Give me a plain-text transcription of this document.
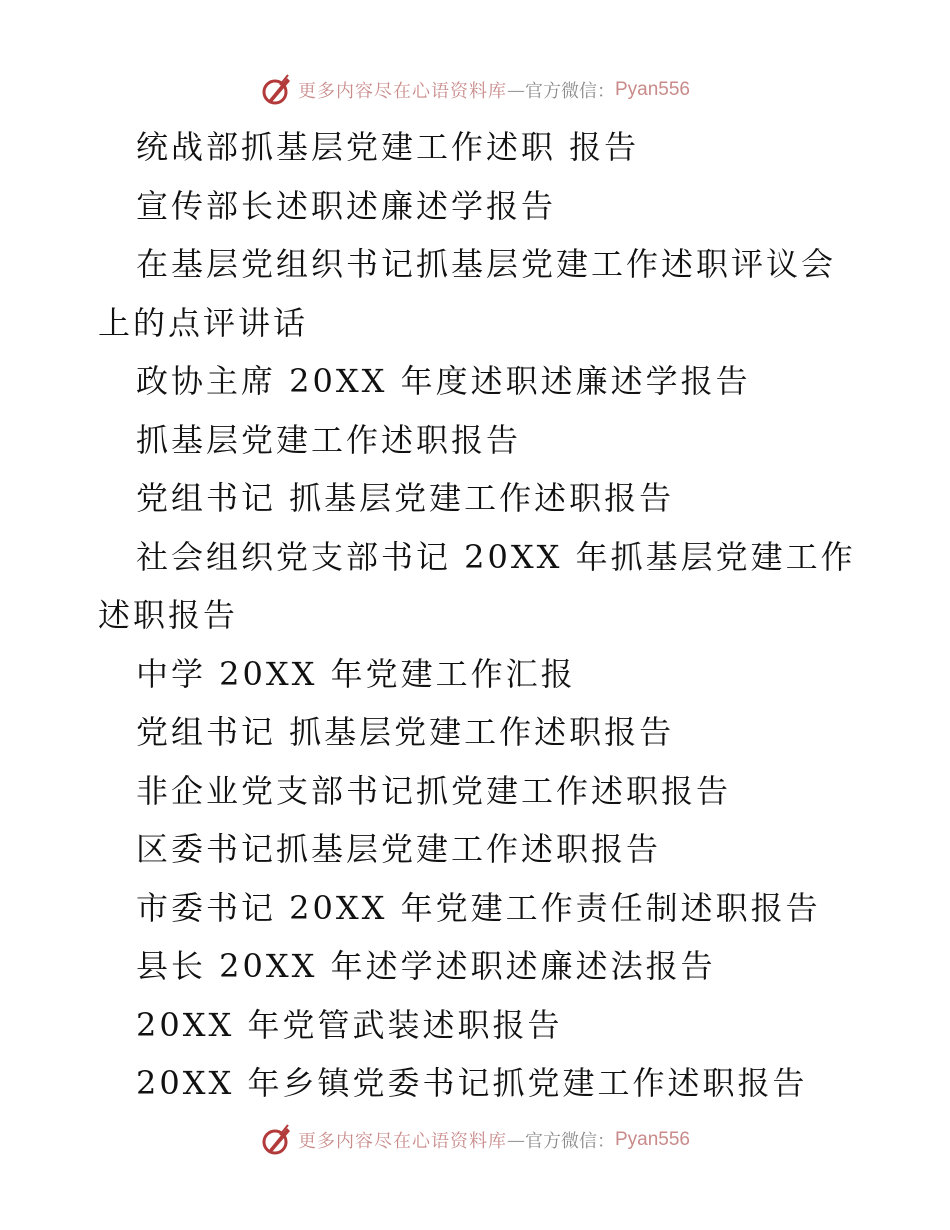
更多内容尽在心语资料库 — 官方微信： Pyan556

统战部抓基层党建工作述职 报告

宣传部长述职述廉述学报告

在基层党组织书记抓基层党建工作述职评议会上的点评讲话

政协主席 20XX 年度述职述廉述学报告

抓基层党建工作述职报告

党组书记 抓基层党建工作述职报告

社会组织党支部书记 20XX 年抓基层党建工作述职报告

中学 20XX 年党建工作汇报

党组书记 抓基层党建工作述职报告

非企业党支部书记抓党建工作述职报告

区委书记抓基层党建工作述职报告

市委书记 20XX 年党建工作责任制述职报告

县长 20XX 年述学述职述廉述法报告

20XX 年党管武装述职报告

20XX 年乡镇党委书记抓党建工作述职报告

更多内容尽在心语资料库 — 官方微信： Pyan556
